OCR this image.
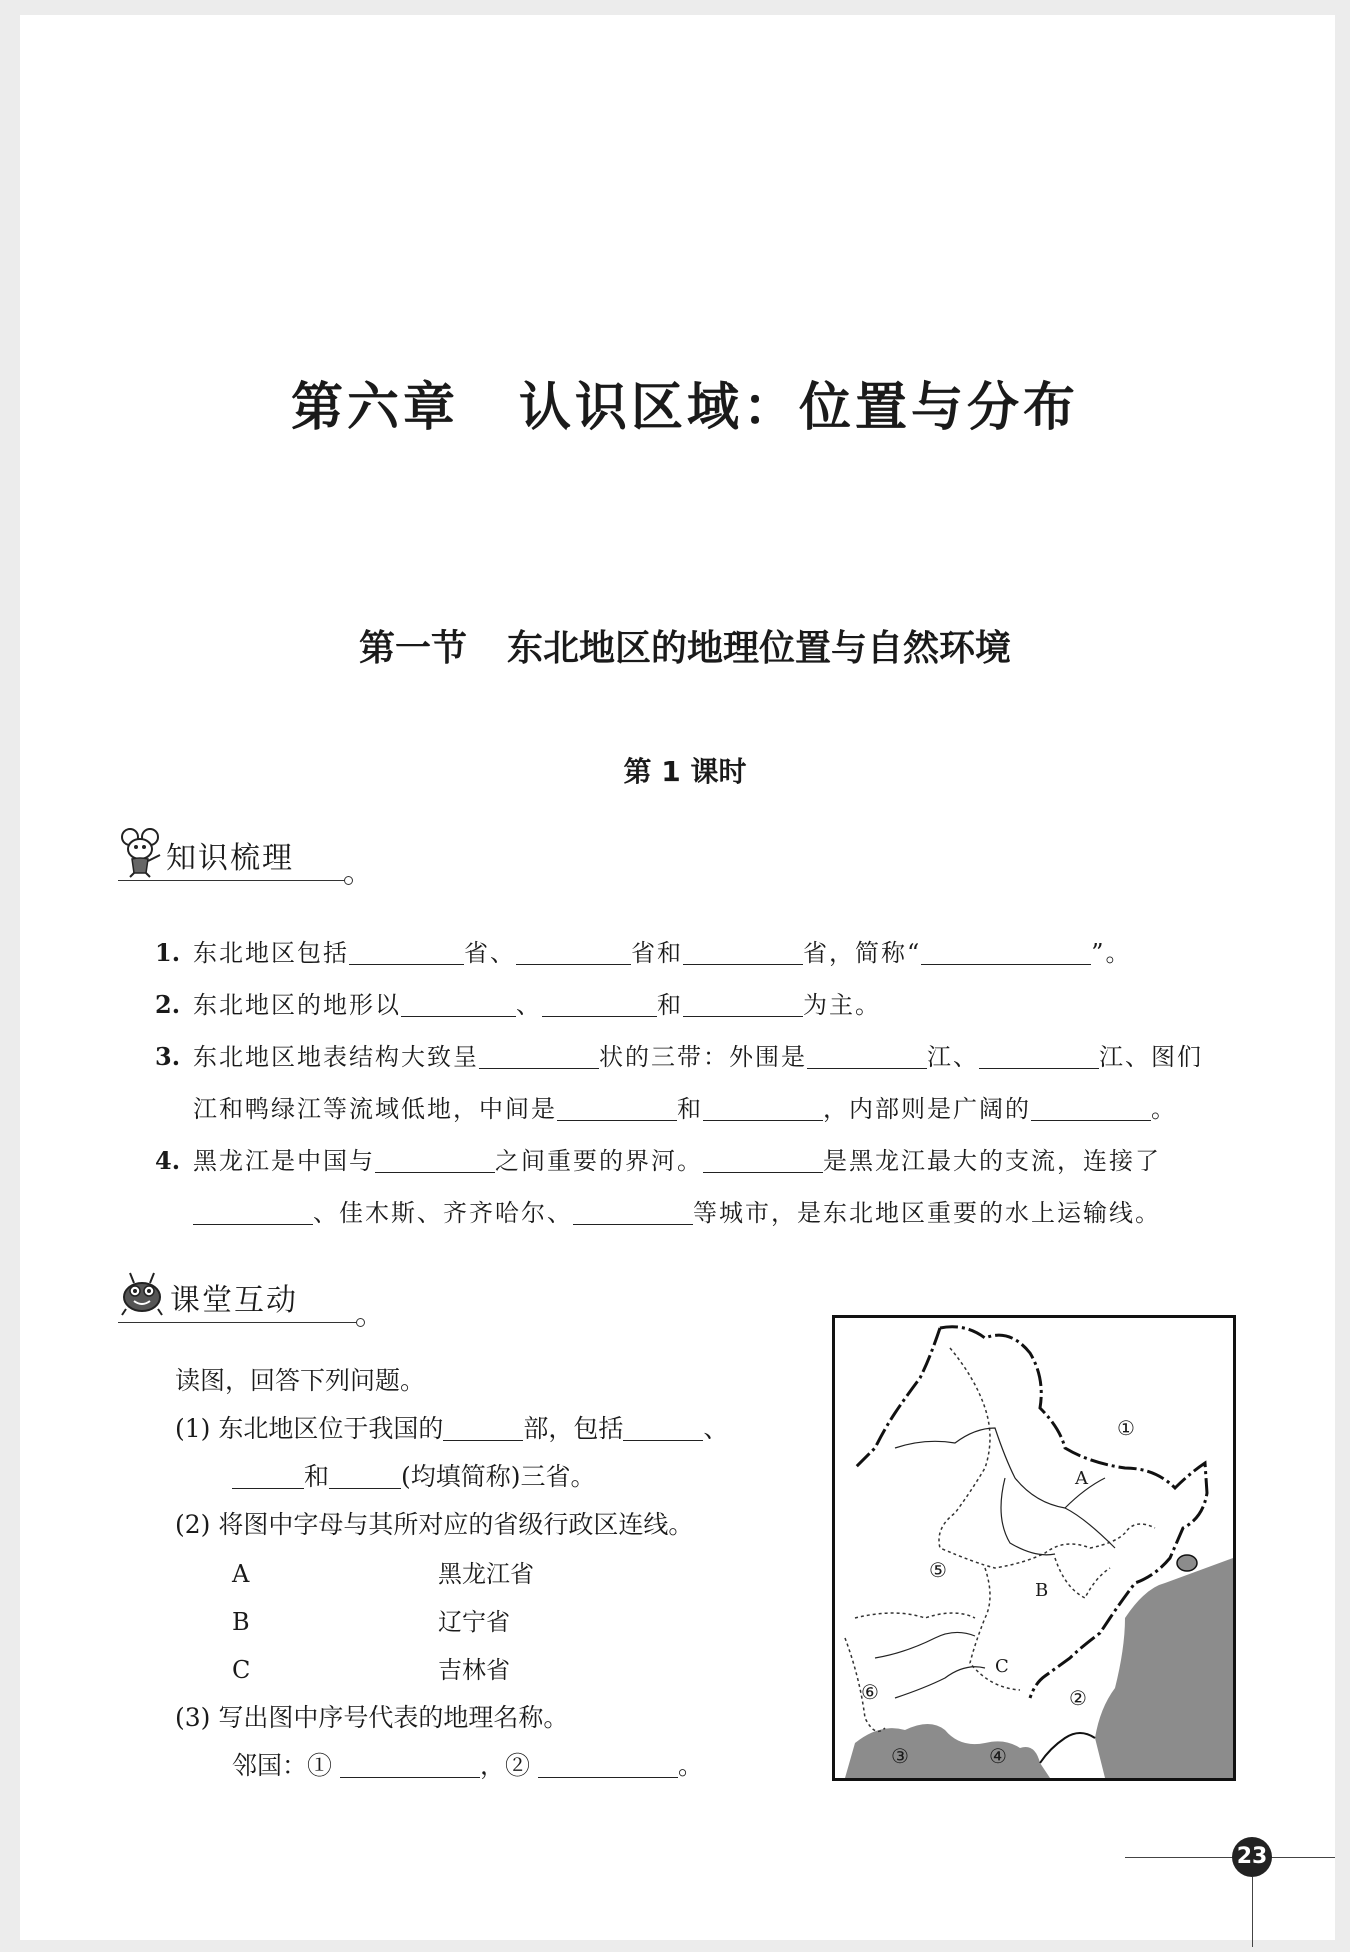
第六章 认识区域：位置与分布
第一节 东北地区的地理位置与自然环境
第 1 课时
知识梳理
1. 东北地区包括	省、	省和	省，简称“	”。
2. 东北地区的地形以	、	和	为主。
3. 东北地区地表结构大致呈	状的三带：外围是	江、	江、图们
江和鸭绿江等流域低地，中间是	和	，内部则是广阔的	。
4. 黑龙江是中国与	之间重要的界河。	是黑龙江最大的支流，连接了
、佳木斯、齐齐哈尔、	等城市，是东北地区重要的水上运输线。
课堂互动
读图，回答下列问题。
(1) 东北地区位于我国的	部，包括	、
和	(均填简称)三省。
(2) 将图中字母与其所对应的省级行政区连线。
A	黑龙江省
B	辽宁省
C	吉林省
(3) 写出图中序号代表的地理名称。
邻国：①	，②	。
A
B
C
①
②
③	④
⑤
⑥
23
